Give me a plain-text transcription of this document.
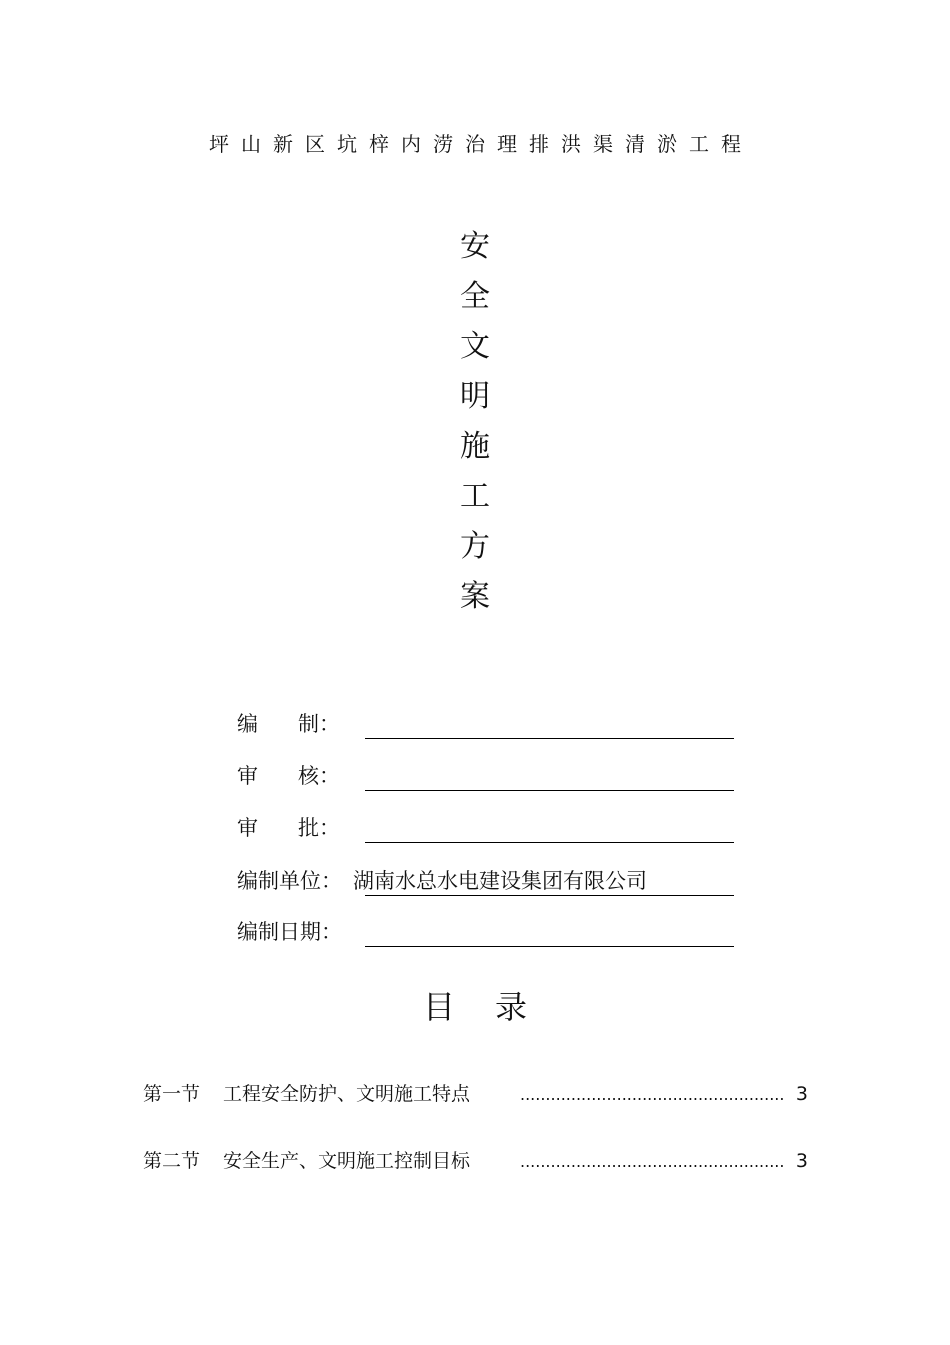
坪山新区坑梓内涝治理排洪渠清淤工程
安
全
文
明
施
工
方
案
编      制：
审      核：
审      批：
编制单位： 湖南水总水电建设集团有限公司
编制日期：
目录
第一节 工程安全防护、文明施工特点	.................................................... 3
第二节 安全生产、文明施工控制目标	.................................................... 3
